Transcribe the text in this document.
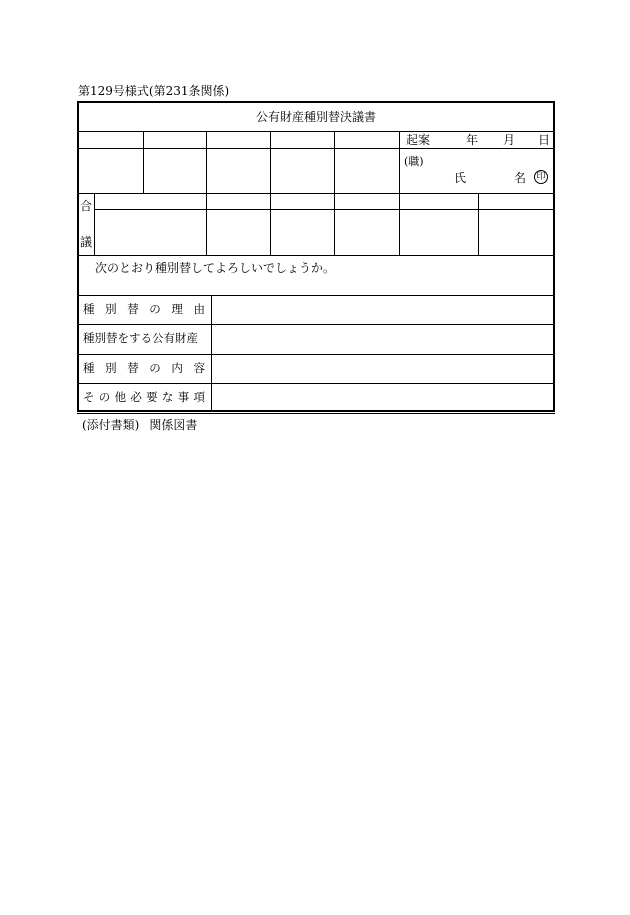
第129号様式(第231条関係)
公有財産種別替決議書
起案	年 月 日
(職)
氏	名 印
合
議
次のとおり種別替してよろしいでしょうか。
種 別 替 の 理 由
種別替をする公有財産
種 別 替 の 内 容
そ の 他 必 要 な 事 項
(添付書類) 関係図書
